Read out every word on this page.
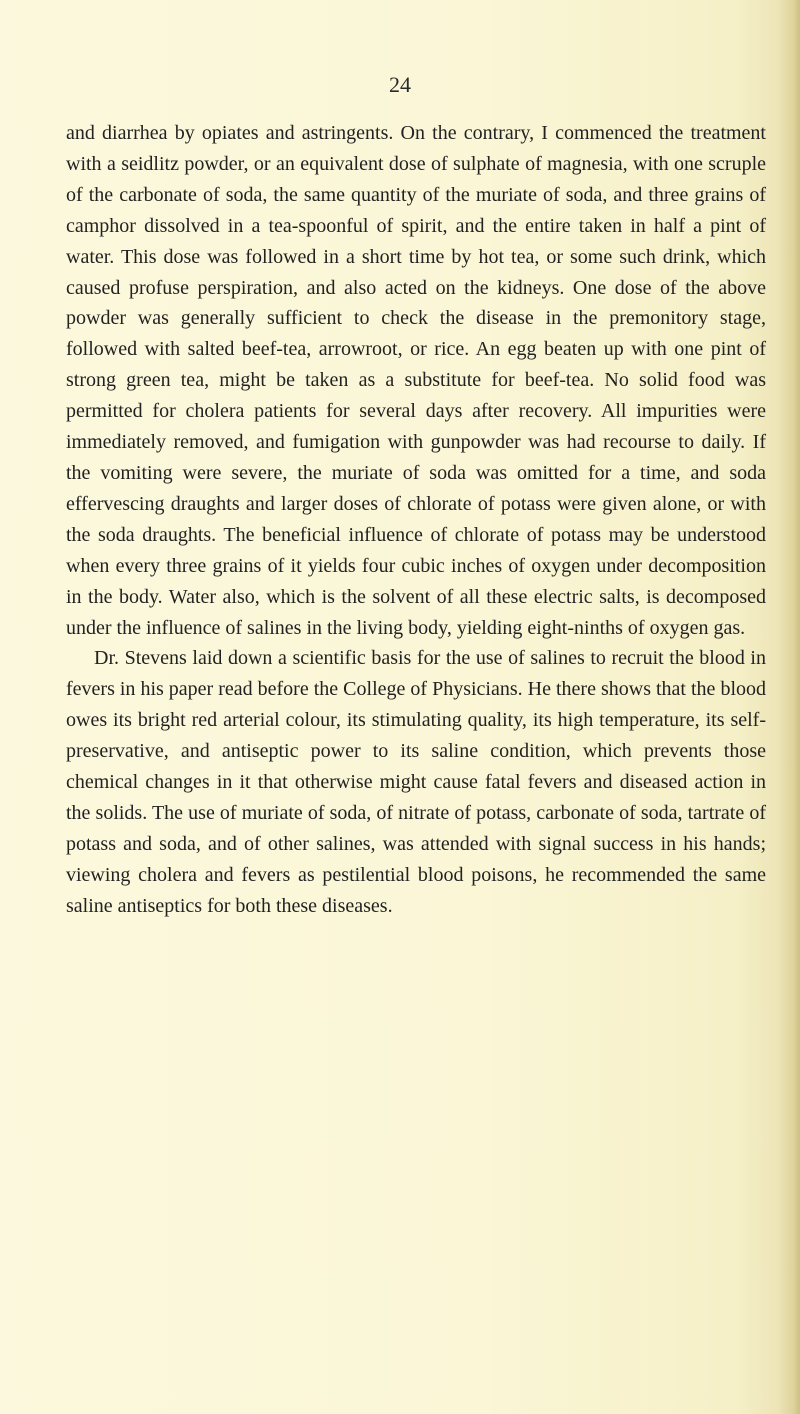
24

and diarrhea by opiates and astringents. On the contrary, I commenced the treatment with a seidlitz powder, or an equivalent dose of sulphate of magnesia, with one scruple of the carbonate of soda, the same quantity of the muriate of soda, and three grains of camphor dissolved in a tea-spoonful of spirit, and the entire taken in half a pint of water. This dose was followed in a short time by hot tea, or some such drink, which caused profuse perspiration, and also acted on the kidneys. One dose of the above powder was generally sufficient to check the disease in the premonitory stage, followed with salted beef-tea, arrowroot, or rice. An egg beaten up with one pint of strong green tea, might be taken as a substitute for beef-tea. No solid food was permitted for cholera patients for several days after recovery. All impurities were immediately removed, and fumigation with gunpowder was had recourse to daily. If the vomiting were severe, the muriate of soda was omitted for a time, and soda effervescing draughts and larger doses of chlorate of potass were given alone, or with the soda draughts. The beneficial influence of chlorate of potass may be understood when every three grains of it yields four cubic inches of oxygen under decomposition in the body. Water also, which is the solvent of all these electric salts, is decomposed under the influence of salines in the living body, yielding eight-ninths of oxygen gas.

Dr. Stevens laid down a scientific basis for the use of salines to recruit the blood in fevers in his paper read before the College of Physicians. He there shows that the blood owes its bright red arterial colour, its stimulating quality, its high temperature, its self-preservative, and antiseptic power to its saline condition, which prevents those chemical changes in it that otherwise might cause fatal fevers and diseased action in the solids. The use of muriate of soda, of nitrate of potass, carbonate of soda, tartrate of potass and soda, and of other salines, was attended with signal success in his hands; viewing cholera and fevers as pestilential blood poisons, he recommended the same saline antiseptics for both these diseases.
